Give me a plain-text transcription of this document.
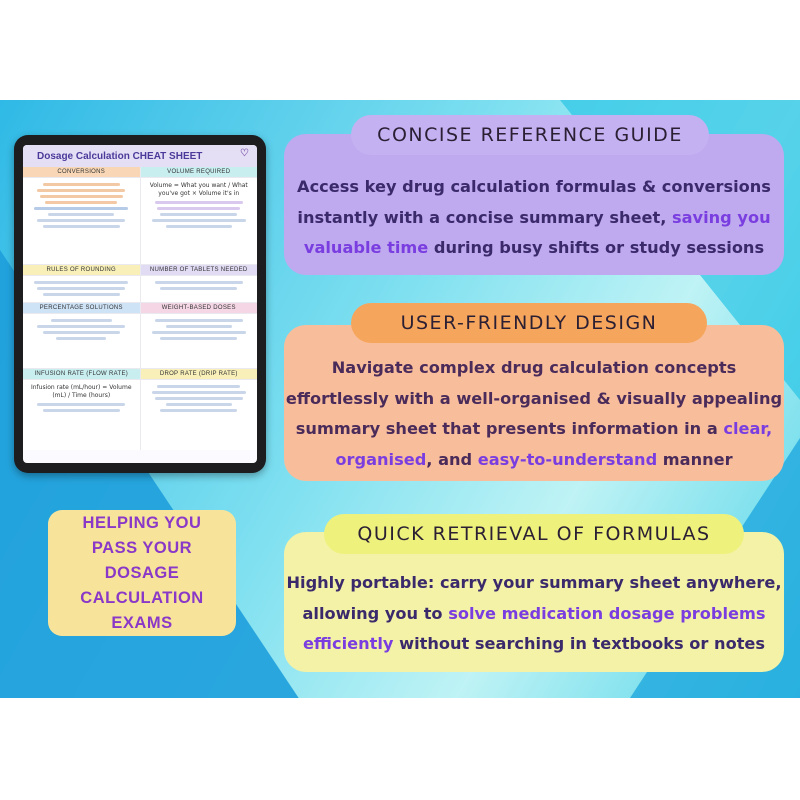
Dosage Calculation CHEAT SHEET	♡
CONVERSIONS	VOLUME REQUIRED
Volume = What you want / What you've got × Volume it's in
RULES OF ROUNDING	NUMBER OF TABLETS NEEDED
PERCENTAGE SOLUTIONS	WEIGHT-BASED DOSES
INFUSION RATE (FLOW RATE)	DROP RATE (DRIP RATE)
Infusion rate (mL/hour) = Volume (mL) / Time (hours)
HELPING YOU
PASS YOUR
DOSAGE
CALCULATION
EXAMS
CONCISE REFERENCE GUIDE
Access key drug calculation formulas & conversions
instantly with a concise summary sheet, saving you
valuable time during busy shifts or study sessions
USER-FRIENDLY DESIGN
Navigate complex drug calculation concepts
effortlessly with a well-organised & visually appealing
summary sheet that presents information in a clear,
organised, and easy-to-understand manner
QUICK RETRIEVAL OF FORMULAS
Highly portable: carry your summary sheet anywhere,
allowing you to solve medication dosage problems
efficiently without searching in textbooks or notes
